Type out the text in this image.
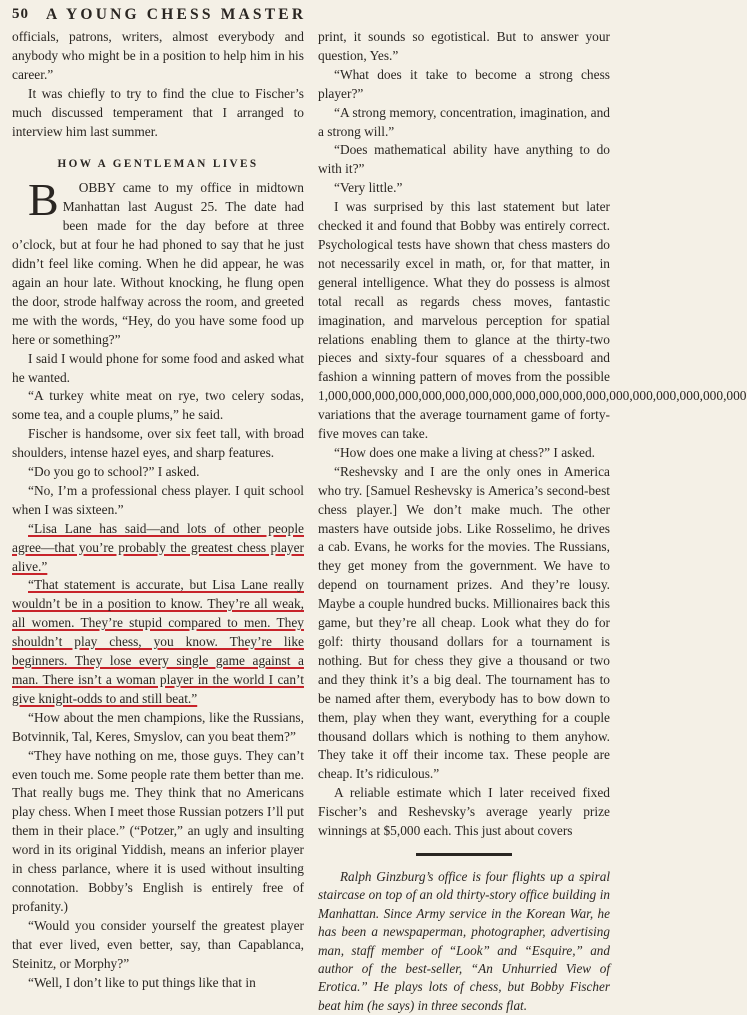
50 A YOUNG CHESS MASTER

officials, patrons, writers, almost everybody and anybody who might be in a position to help him in his career.”

It was chiefly to try to find the clue to Fischer’s much discussed temperament that I arranged to interview him last summer.

HOW A GENTLEMAN LIVES

B OBBY came to my office in midtown Manhattan last August 25. The date had been made for the day before at three o’clock, but at four he had phoned to say that he just didn’t feel like coming. When he did appear, he was again an hour late. Without knocking, he flung open the door, strode halfway across the room, and greeted me with the words, “Hey, do you have some food up here or something?”

I said I would phone for some food and asked what he wanted.

“A turkey white meat on rye, two celery sodas, some tea, and a couple plums,” he said.

Fischer is handsome, over six feet tall, with broad shoulders, intense hazel eyes, and sharp features.

“Do you go to school?” I asked.

“No, I’m a professional chess player. I quit school when I was sixteen.”

“Lisa Lane has said—and lots of other people agree—that you’re probably the greatest chess player alive.”

“That statement is accurate, but Lisa Lane really wouldn’t be in a position to know. They’re all weak, all women. They’re stupid compared to men. They shouldn’t play chess, you know. They’re like beginners. They lose every single game against a man. There isn’t a woman player in the world I can’t give knight-odds to and still beat.”

“How about the men champions, like the Russians, Botvinnik, Tal, Keres, Smyslov, can you beat them?”

“They have nothing on me, those guys. They can’t even touch me. Some people rate them better than me. That really bugs me. They think that no Americans play chess. When I meet those Russian potzers I’ll put them in their place.” (“Potzer,” an ugly and insulting word in its original Yiddish, means an inferior player in chess parlance, where it is used without insulting connotation. Bobby’s English is entirely free of profanity.)

“Would you consider yourself the greatest player that ever lived, even better, say, than Capablanca, Steinitz, or Morphy?”

“Well, I don’t like to put things like that in

print, it sounds so egotistical. But to answer your question, Yes.”

“What does it take to become a strong chess player?”

“A strong memory, concentration, imagination, and a strong will.”

“Does mathematical ability have anything to do with it?”

“Very little.”

I was surprised by this last statement but later checked it and found that Bobby was entirely correct. Psychological tests have shown that chess masters do not necessarily excel in math, or, for that matter, in general intelligence. What they do possess is almost total recall as regards chess moves, fantastic imagination, and marvelous perception for spatial relations enabling them to glance at the thirty-two pieces and sixty-four squares of a chessboard and fashion a winning pattern of moves from the possible 1,000,000,000,000,000,000,000,000,000,000,000,000,000,000,000,000,000,000 variations that the average tournament game of forty-five moves can take.

“How does one make a living at chess?” I asked.

“Reshevsky and I are the only ones in America who try. [Samuel Reshevsky is America’s second-best chess player.] We don’t make much. The other masters have outside jobs. Like Rosselimo, he drives a cab. Evans, he works for the movies. The Russians, they get money from the government. We have to depend on tournament prizes. And they’re lousy. Maybe a couple hundred bucks. Millionaires back this game, but they’re all cheap. Look what they do for golf: thirty thousand dollars for a tournament is nothing. But for chess they give a thousand or two and they think it’s a big deal. The tournament has to be named after them, everybody has to bow down to them, play when they want, everything for a couple thousand dollars which is nothing to them anyhow. They take it off their income tax. These people are cheap. It’s ridiculous.”

A reliable estimate which I later received fixed Fischer’s and Reshevsky’s average yearly prize winnings at $5,000 each. This just about covers

Ralph Ginzburg’s office is four flights up a spiral staircase on top of an old thirty-story office building in Manhattan. Since Army service in the Korean War, he has been a newspaperman, photographer, advertising man, staff member of “Look” and “Esquire,” and author of the best-seller, “An Unhurried View of Erotica.” He plays lots of chess, but Bobby Fischer beat him (he says) in three seconds flat.
